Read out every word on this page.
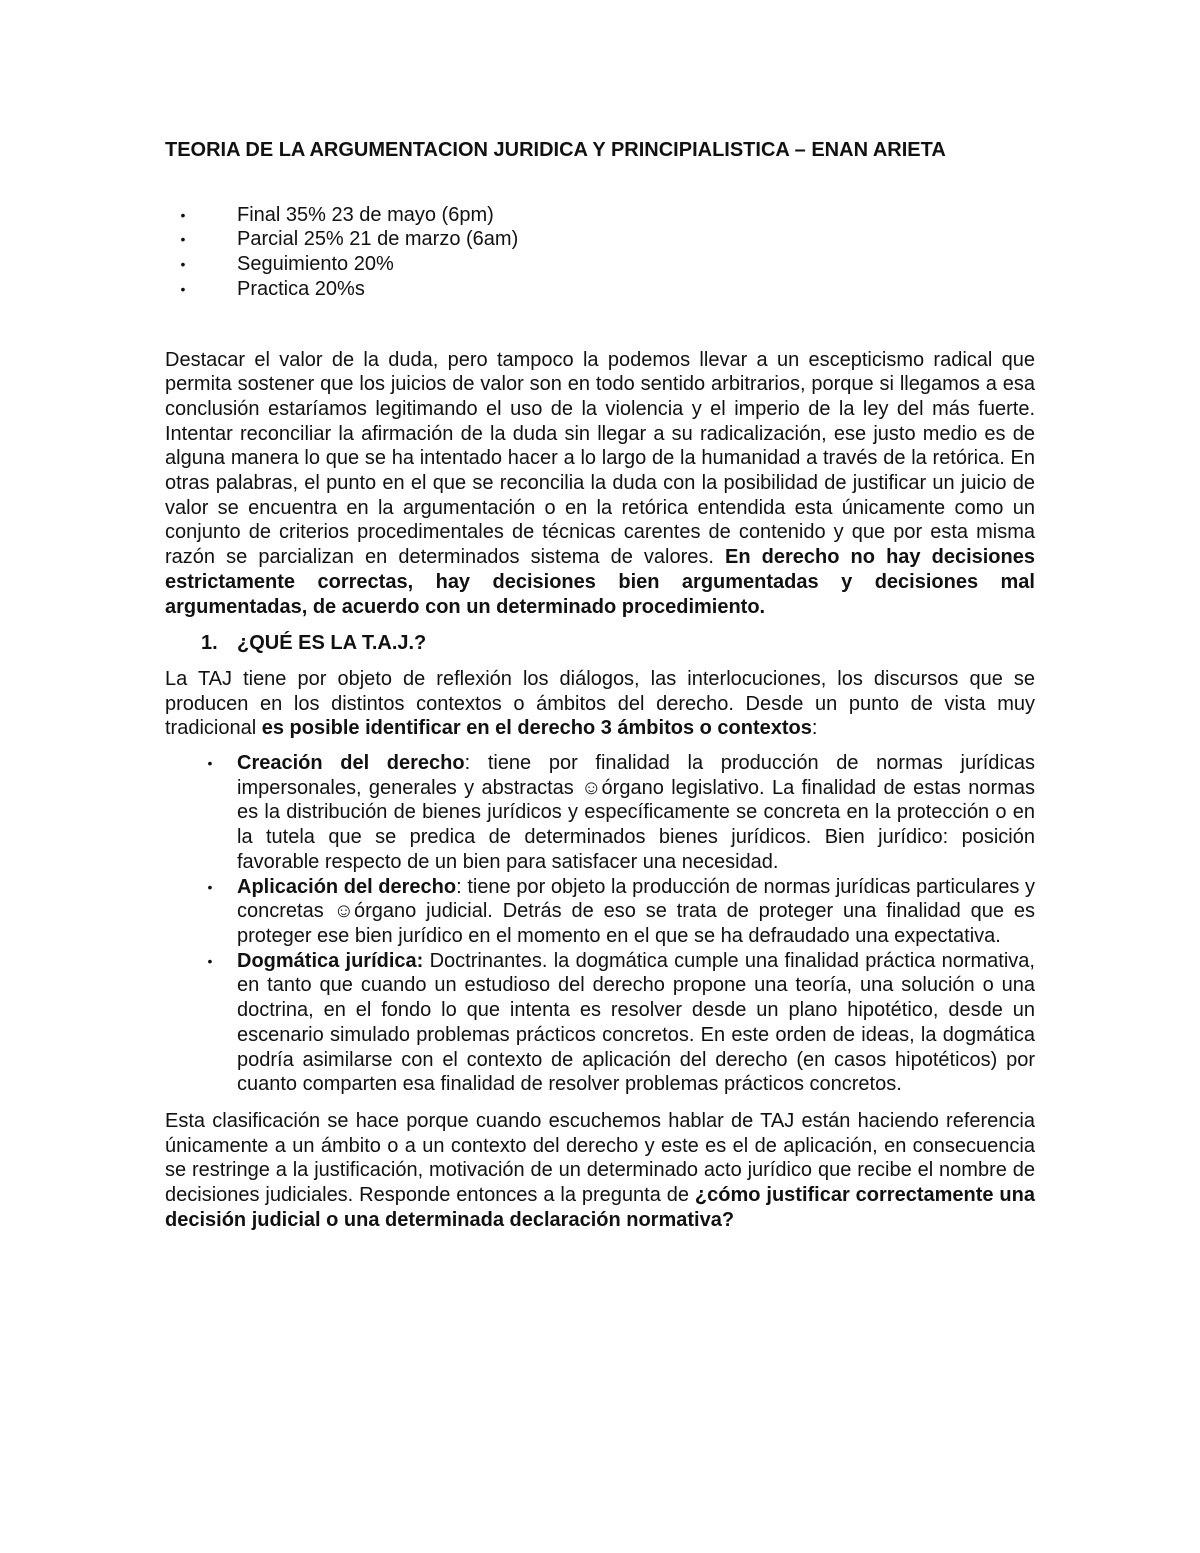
TEORIA DE LA ARGUMENTACION JURIDICA Y PRINCIPIALISTICA – ENAN ARIETA

•	Final 35% 23 de mayo (6pm)
•	Parcial 25% 21 de marzo (6am)
•	Seguimiento 20%
•	Practica 20%s

Destacar el valor de la duda, pero tampoco la podemos llevar a un escepticismo radical que permita sostener que los juicios de valor son en todo sentido arbitrarios, porque si llegamos a esa conclusión estaríamos legitimando el uso de la violencia y el imperio de la ley del más fuerte. Intentar reconciliar la afirmación de la duda sin llegar a su radicalización, ese justo medio es de alguna manera lo que se ha intentado hacer a lo largo de la humanidad a través de la retórica. En otras palabras, el punto en el que se reconcilia la duda con la posibilidad de justificar un juicio de valor se encuentra en la argumentación o en la retórica entendida esta únicamente como un conjunto de criterios procedimentales de técnicas carentes de contenido y que por esta misma razón se parcializan en determinados sistema de valores. En derecho no hay decisiones estrictamente correctas, hay decisiones bien argumentadas y decisiones mal argumentadas, de acuerdo con un determinado procedimiento.

1. ¿QUÉ ES LA T.A.J.?

La TAJ tiene por objeto de reflexión los diálogos, las interlocuciones, los discursos que se producen en los distintos contextos o ámbitos del derecho. Desde un punto de vista muy tradicional es posible identificar en el derecho 3 ámbitos o contextos:

•	Creación del derecho: tiene por finalidad la producción de normas jurídicas impersonales, generales y abstractas ☺órgano legislativo. La finalidad de estas normas es la distribución de bienes jurídicos y específicamente se concreta en la protección o en la tutela que se predica de determinados bienes jurídicos. Bien jurídico: posición favorable respecto de un bien para satisfacer una necesidad.
•	Aplicación del derecho: tiene por objeto la producción de normas jurídicas particulares y concretas ☺órgano judicial. Detrás de eso se trata de proteger una finalidad que es proteger ese bien jurídico en el momento en el que se ha defraudado una expectativa.
•	Dogmática jurídica: Doctrinantes. la dogmática cumple una finalidad práctica normativa, en tanto que cuando un estudioso del derecho propone una teoría, una solución o una doctrina, en el fondo lo que intenta es resolver desde un plano hipotético, desde un escenario simulado problemas prácticos concretos. En este orden de ideas, la dogmática podría asimilarse con el contexto de aplicación del derecho (en casos hipotéticos) por cuanto comparten esa finalidad de resolver problemas prácticos concretos.

Esta clasificación se hace porque cuando escuchemos hablar de TAJ están haciendo referencia únicamente a un ámbito o a un contexto del derecho y este es el de aplicación, en consecuencia se restringe a la justificación, motivación de un determinado acto jurídico que recibe el nombre de decisiones judiciales. Responde entonces a la pregunta de ¿cómo justificar correctamente una decisión judicial o una determinada declaración normativa?
